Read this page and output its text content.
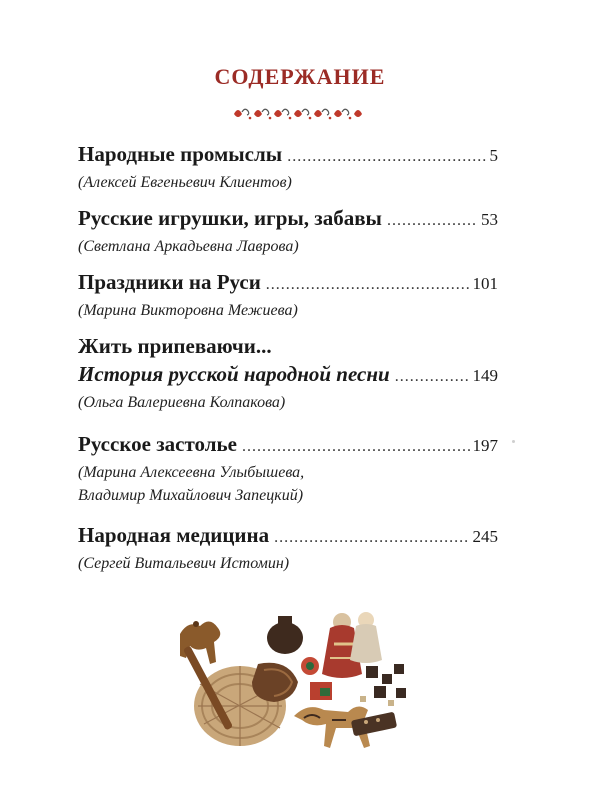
СОДЕРЖАНИЕ
Народные промыслы .....	5
(Алексей Евгеньевич Клиентов)
Русские игрушки, игры, забавы .....	53
(Светлана Аркадьевна Лаврова)
Праздники на Руси .....	101
(Марина Викторовна Межиева)
Жить припеваючи...
История русской народной песни .....	149
(Ольга Валериевна Колпакова)
Русское застолье .....	197
(Марина Алексеевна Улыбышева,
Владимир Михайлович Запецкий)
Народная медицина .....	245
(Сергей Витальевич Истомин)
